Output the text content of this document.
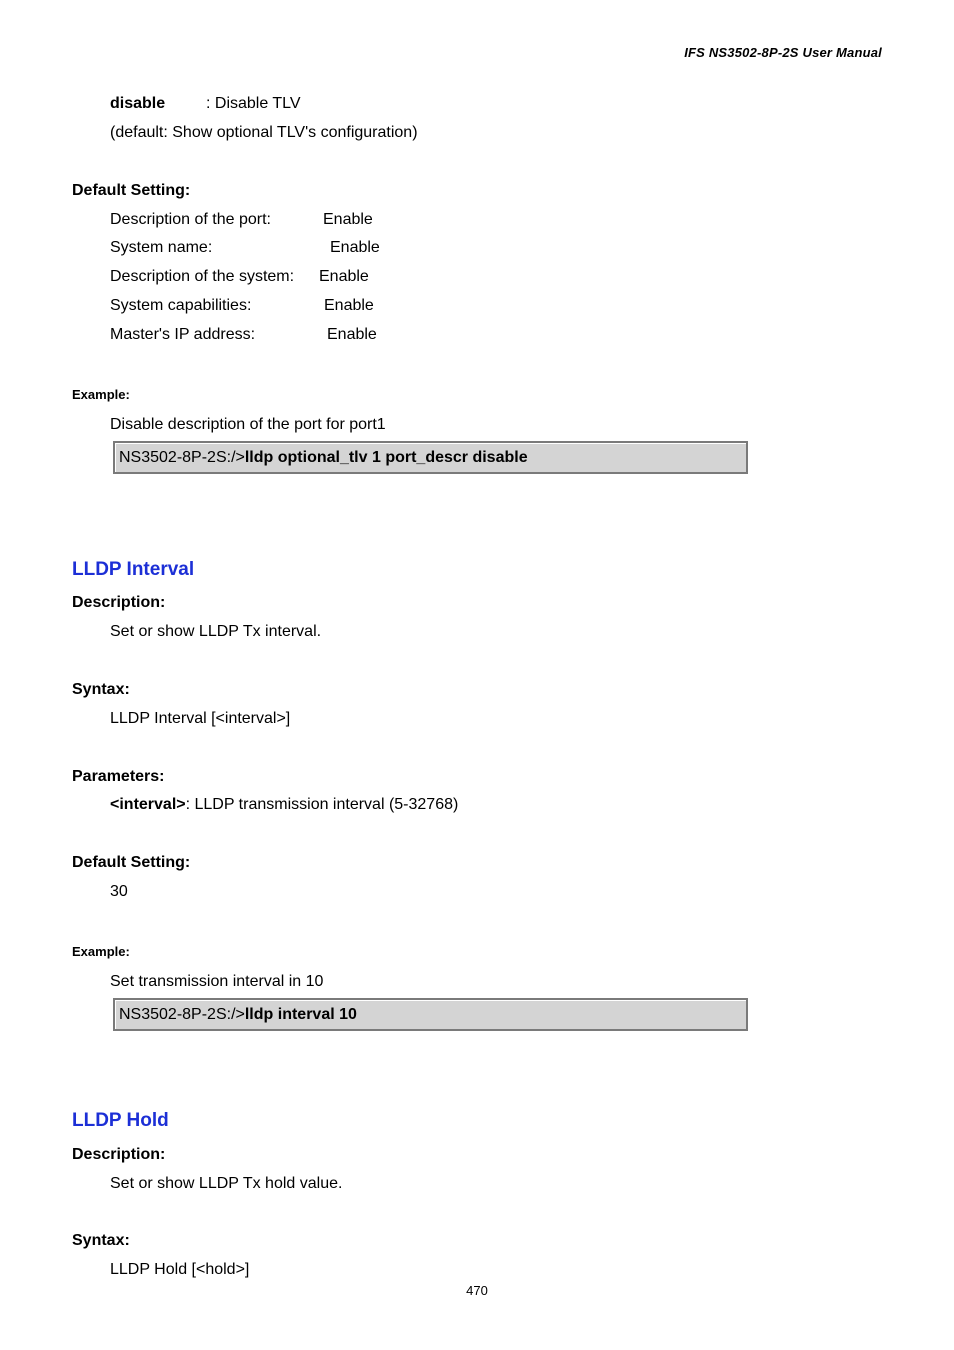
IFS NS3502-8P-2S User Manual
disable	: Disable TLV
(default: Show optional TLV's configuration)
Default Setting:
Description of the port:	Enable
System name:	Enable
Description of the system: Enable
System capabilities:	Enable
Master's IP address:	Enable
Example:
Disable description of the port for port1
NS3502-8P-2S:/>lldp optional_tlv 1 port_descr disable
LLDP Interval
Description:
Set or show LLDP Tx interval.
Syntax:
LLDP Interval [<interval>]
Parameters:
<interval>: LLDP transmission interval (5-32768)
Default Setting:
30
Example:
Set transmission interval in 10
NS3502-8P-2S:/>lldp interval 10
LLDP Hold
Description:
Set or show LLDP Tx hold value.
Syntax:
LLDP Hold [<hold>]
470
